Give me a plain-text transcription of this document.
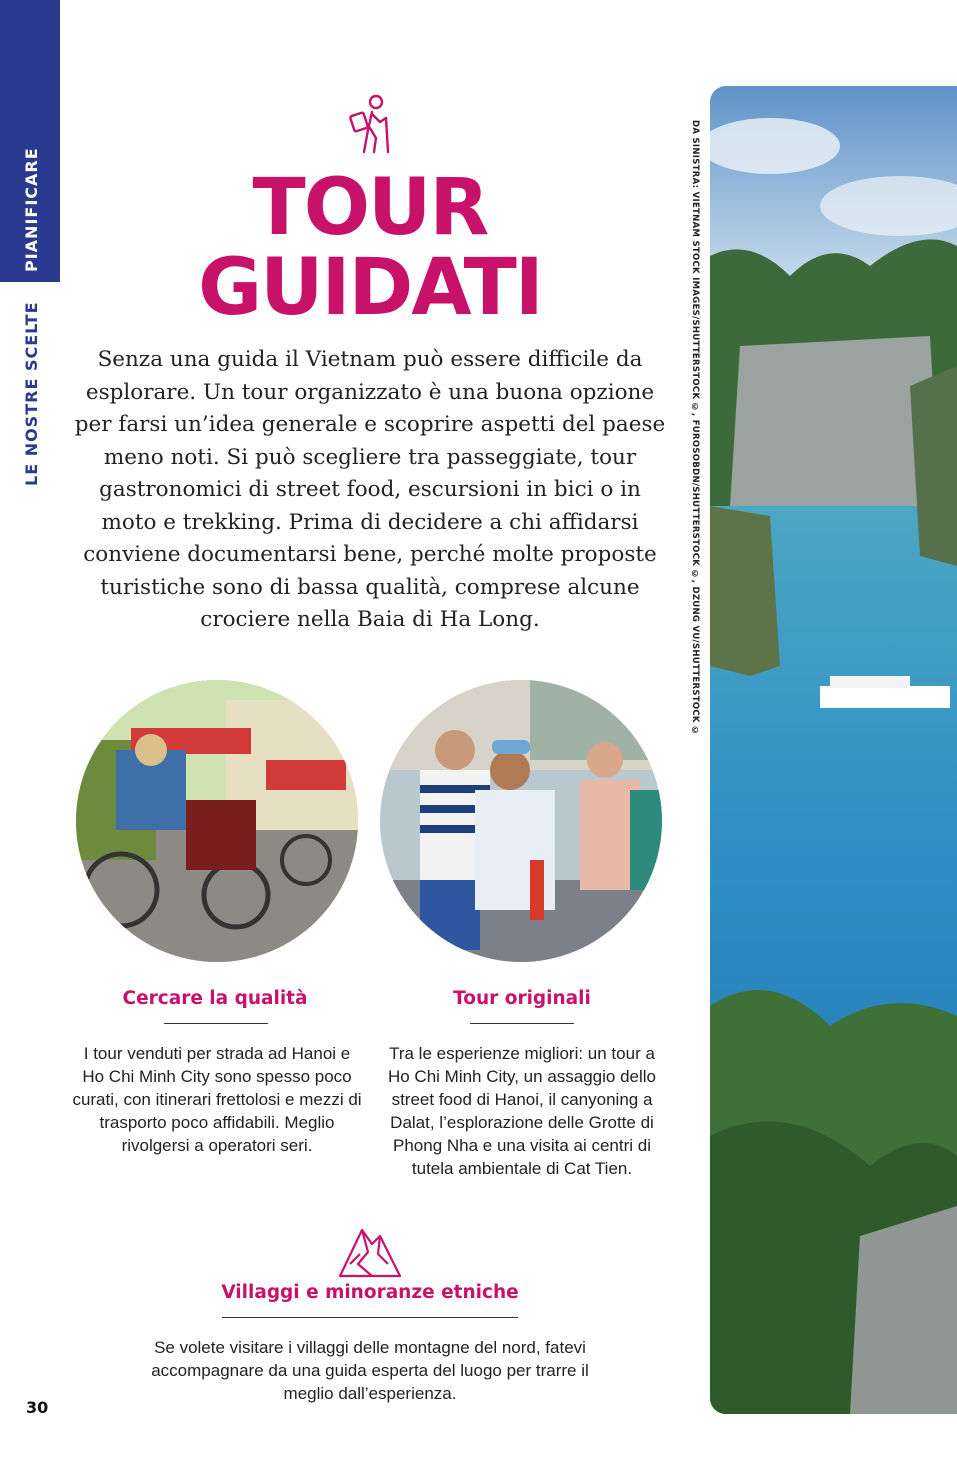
PIANIFICARE
LE NOSTRE SCELTE	DA SINISTRA: VIETNAM STOCK IMAGES/SHUTTERSTOCK ©, FUROSOBDN/SHUTTERSTOCK ©, DZUNG VU/SHUTTERSTOCK ©
TOUR
GUIDATI
Senza una guida il Vietnam può essere difficile da esplorare. Un tour organizzato è una buona opzione per farsi un’idea generale e scoprire aspetti del paese meno noti. Si può scegliere tra passeggiate, tour gastronomici di street food, escursioni in bici o in moto e trekking. Prima di decidere a chi affidarsi conviene documentarsi bene, perché molte proposte turistiche sono di bassa qualità, comprese alcune crociere nella Baia di Ha Long.
Cercare la qualità
I tour venduti per strada ad Hanoi e Ho Chi Minh City sono spesso poco curati, con itinerari frettolosi e mezzi di trasporto poco affidabili. Meglio rivolgersi a operatori seri.
Tour originali
Tra le esperienze migliori: un tour a Ho Chi Minh City, un assaggio dello street food di Hanoi, il canyoning a Dalat, l’esplorazione delle Grotte di Phong Nha e una visita ai centri di tutela ambientale di Cat Tien.
Villaggi e minoranze etniche
Se volete visitare i villaggi delle montagne del nord, fatevi accompagnare da una guida esperta del luogo per trarre il meglio dall’esperienza.
30
